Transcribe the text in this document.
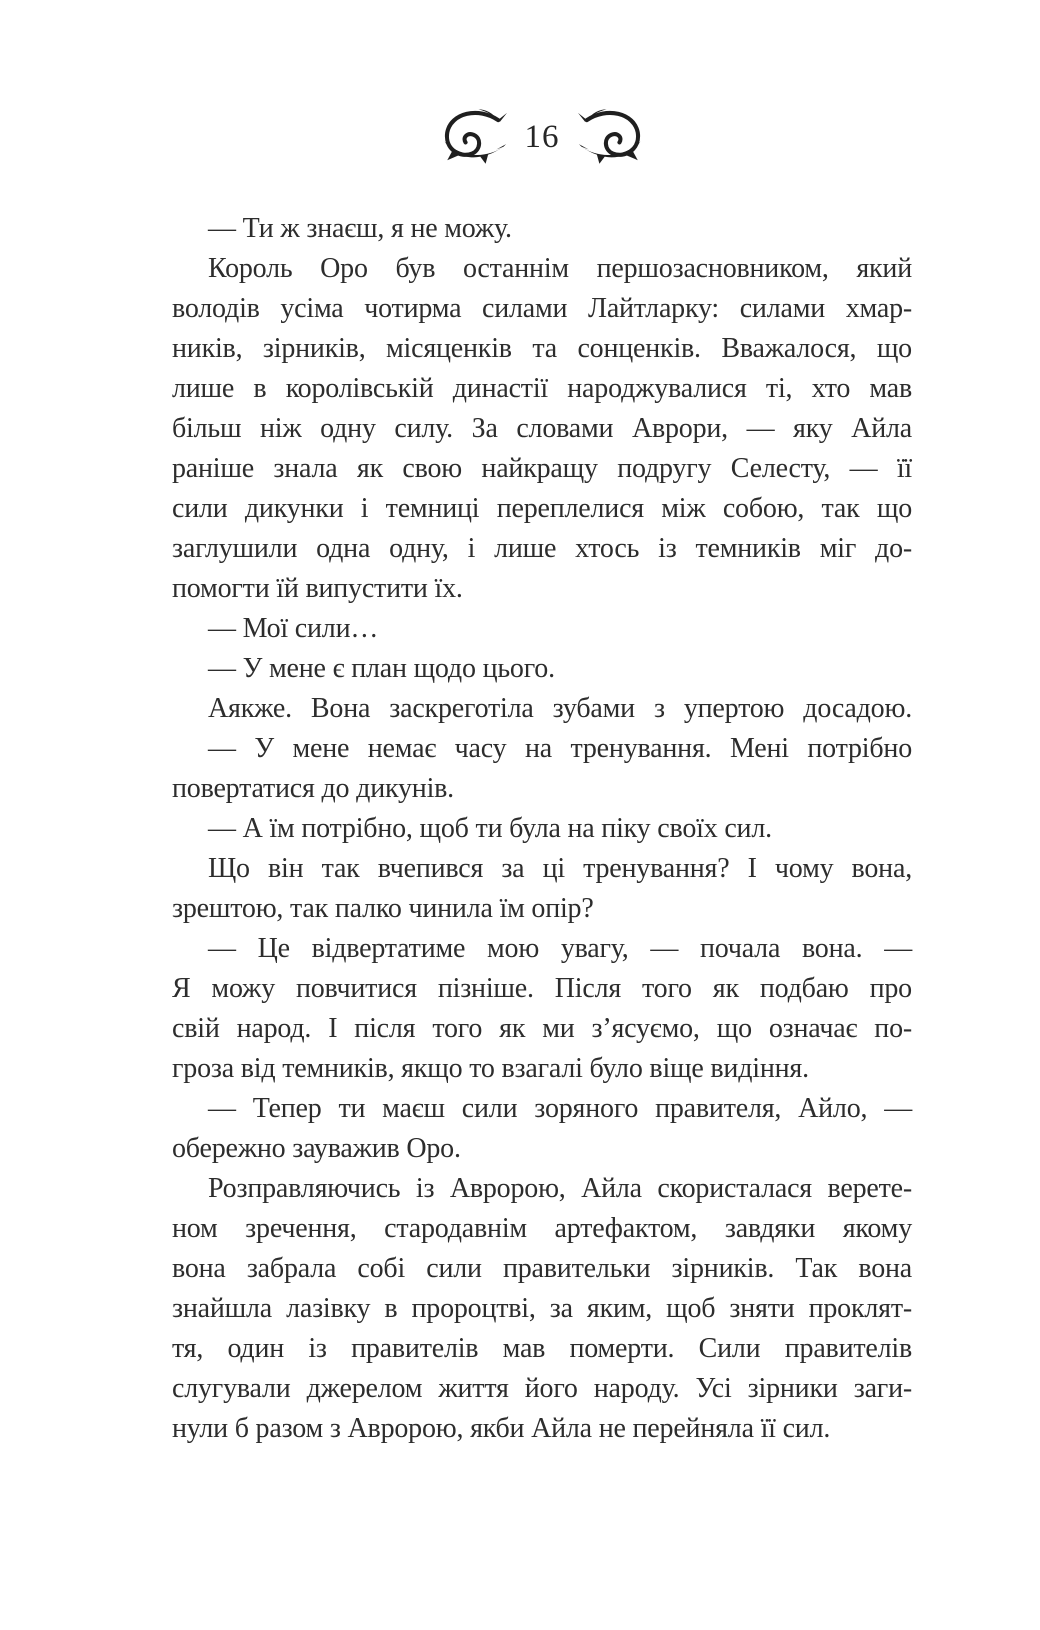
16
— Ти ж знаєш, я не можу.
Король Оро був останнім першозасновником, який
володів усіма чотирма силами Лайтларку: силами хмар-
ників, зірників, місяценків та сонценків. Вважалося, що
лише в королівській династії народжувалися ті, хто мав
більш ніж одну силу. За словами Аврори, — яку Айла
раніше знала як свою найкращу подругу Селесту, — її
сили дикунки і темниці переплелися між собою, так що
заглушили одна одну, і лише хтось із темників міг до-
помогти їй випустити їх.
— Мої сили…
— У мене є план щодо цього.
Аякже. Вона заскреготіла зубами з упертою досадою.
— У мене немає часу на тренування. Мені потрібно
повертатися до дикунів.
— А їм потрібно, щоб ти була на піку своїх сил.
Що він так вчепився за ці тренування? І чому вона,
зрештою, так палко чинила їм опір?
— Це відвертатиме мою увагу, — почала вона. —
Я можу повчитися пізніше. Після того як подбаю про
свій народ. І після того як ми з’ясуємо, що означає по-
гроза від темників, якщо то взагалі було віще видіння.
— Тепер ти маєш сили зоряного правителя, Айло, —
обережно зауважив Оро.
Розправляючись із Авророю, Айла скористалася верете-
ном зречення, стародавнім артефактом, завдяки якому
вона забрала собі сили правительки зірників. Так вона
знайшла лазівку в пророцтві, за яким, щоб зняти проклят-
тя, один із правителів мав померти. Сили правителів
слугували джерелом життя його народу. Усі зірники заги-
нули б разом з Авророю, якби Айла не перейняла її сил.
